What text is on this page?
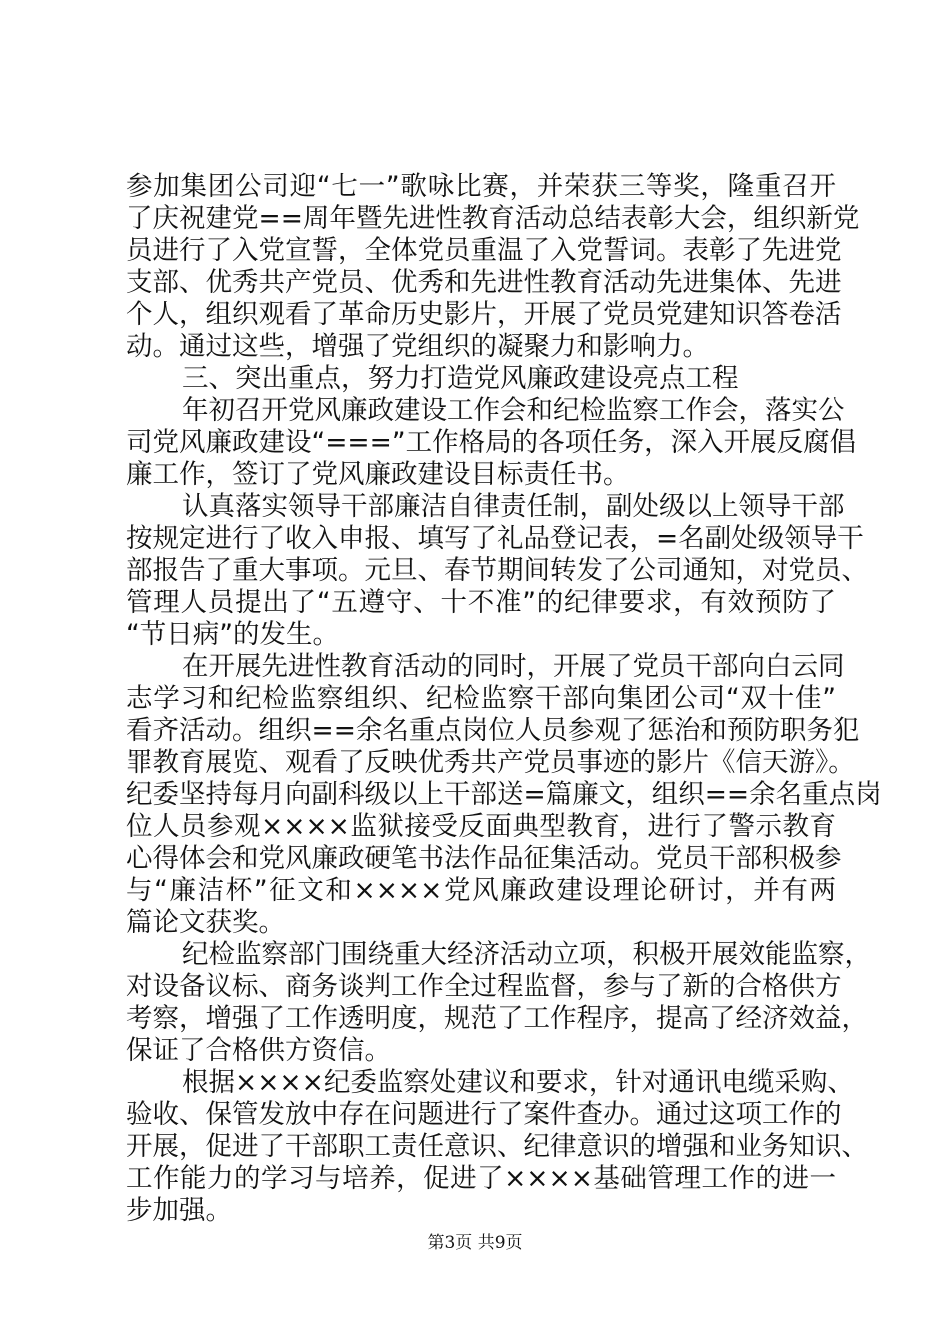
参加集团公司迎“七一”歌咏比赛，并荣获三等奖，隆重召开
了庆祝建党==周年暨先进性教育活动总结表彰大会，组织新党
员进行了入党宣誓，全体党员重温了入党誓词。表彰了先进党
支部、优秀共产党员、优秀和先进性教育活动先进集体、先进
个人，组织观看了革命历史影片，开展了党员党建知识答卷活
动。通过这些，增强了党组织的凝聚力和影响力。
三、突出重点，努力打造党风廉政建设亮点工程
年初召开党风廉政建设工作会和纪检监察工作会，落实公
司党风廉政建设“===”工作格局的各项任务，深入开展反腐倡
廉工作，签订了党风廉政建设目标责任书。
认真落实领导干部廉洁自律责任制，副处级以上领导干部
按规定进行了收入申报、填写了礼品登记表，=名副处级领导干
部报告了重大事项。元旦、春节期间转发了公司通知，对党员、
管理人员提出了“五遵守、十不准”的纪律要求，有效预防了
“节日病”的发生。
在开展先进性教育活动的同时，开展了党员干部向白云同
志学习和纪检监察组织、纪检监察干部向集团公司“双十佳”
看齐活动。组织==余名重点岗位人员参观了惩治和预防职务犯
罪教育展览、观看了反映优秀共产党员事迹的影片《信天游》。
纪委坚持每月向副科级以上干部送=篇廉文，组织==余名重点岗
位人员参观××××监狱接受反面典型教育，进行了警示教育
心得体会和党风廉政硬笔书法作品征集活动。党员干部积极参
与“廉洁杯”征文和××××党风廉政建设理论研讨，并有两
篇论文获奖。
纪检监察部门围绕重大经济活动立项，积极开展效能监察，
对设备议标、商务谈判工作全过程监督，参与了新的合格供方
考察，增强了工作透明度，规范了工作程序，提高了经济效益，
保证了合格供方资信。
根据××××纪委监察处建议和要求，针对通讯电缆采购、
验收、保管发放中存在问题进行了案件查办。通过这项工作的
开展，促进了干部职工责任意识、纪律意识的增强和业务知识、
工作能力的学习与培养，促进了××××基础管理工作的进一
步加强。
第3页 共9页
